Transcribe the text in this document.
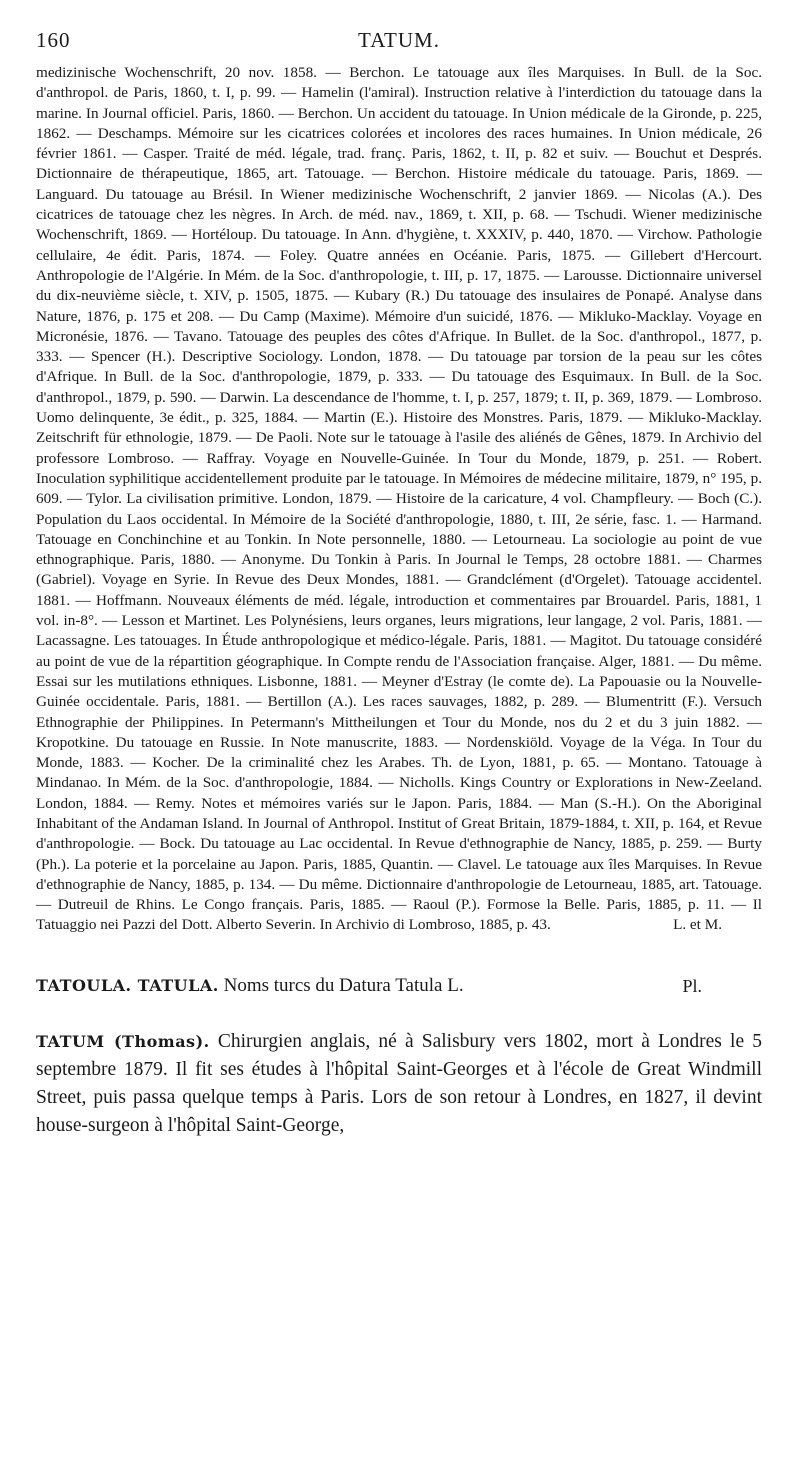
160	TATUM.

medizinische Wochenschrift, 20 nov. 1858. — Berchon. Le tatouage aux îles Marquises. In Bull. de la Soc. d'anthropol. de Paris, 1860, t. I, p. 99. — Hamelin (l'amiral). Instruction relative à l'interdiction du tatouage dans la marine. In Journal officiel. Paris, 1860. — Berchon. Un accident du tatouage. In Union médicale de la Gironde, p. 225, 1862. — Deschamps. Mémoire sur les cicatrices colorées et incolores des races humaines. In Union médicale, 26 février 1861. — Casper. Traité de méd. légale, trad. franç. Paris, 1862, t. II, p. 82 et suiv. — Bouchut et Després. Dictionnaire de thérapeutique, 1865, art. Tatouage. — Berchon. Histoire médicale du tatouage. Paris, 1869. — Languard. Du tatouage au Brésil. In Wiener medizinische Wochenschrift, 2 janvier 1869. — Nicolas (A.). Des cicatrices de tatouage chez les nègres. In Arch. de méd. nav., 1869, t. XII, p. 68. — Tschudi. Wiener medizinische Wochenschrift, 1869. — Hortéloup. Du tatouage. In Ann. d'hygiène, t. XXXIV, p. 440, 1870. — Virchow. Pathologie cellulaire, 4e édit. Paris, 1874. — Foley. Quatre années en Océanie. Paris, 1875. — Gillebert d'Hercourt. Anthropologie de l'Algérie. In Mém. de la Soc. d'anthropologie, t. III, p. 17, 1875. — Larousse. Dictionnaire universel du dix-neuvième siècle, t. XIV, p. 1505, 1875. — Kubary (R.) Du tatouage des insulaires de Ponapé. Analyse dans Nature, 1876, p. 175 et 208. — Du Camp (Maxime). Mémoire d'un suicidé, 1876. — Mikluko-Macklay. Voyage en Micronésie, 1876. — Tavano. Tatouage des peuples des côtes d'Afrique. In Bullet. de la Soc. d'anthropol., 1877, p. 333. — Spencer (H.). Descriptive Sociology. London, 1878. — Du tatouage par torsion de la peau sur les côtes d'Afrique. In Bull. de la Soc. d'anthropologie, 1879, p. 333. — Du tatouage des Esquimaux. In Bull. de la Soc. d'anthropol., 1879, p. 590. — Darwin. La descendance de l'homme, t. I, p. 257, 1879; t. II, p. 369, 1879. — Lombroso. Uomo delinquente, 3e édit., p. 325, 1884. — Martin (E.). Histoire des Monstres. Paris, 1879. — Mikluko-Macklay. Zeitschrift für ethnologie, 1879. — De Paoli. Note sur le tatouage à l'asile des aliénés de Gênes, 1879. In Archivio del professore Lombroso. — Raffray. Voyage en Nouvelle-Guinée. In Tour du Monde, 1879, p. 251. — Robert. Inoculation syphilitique accidentellement produite par le tatouage. In Mémoires de médecine militaire, 1879, n° 195, p. 609. — Tylor. La civilisation primitive. London, 1879. — Histoire de la caricature, 4 vol. Champfleury. — Boch (C.). Population du Laos occidental. In Mémoire de la Société d'anthropologie, 1880, t. III, 2e série, fasc. 1. — Harmand. Tatouage en Conchinchine et au Tonkin. In Note personnelle, 1880. — Letourneau. La sociologie au point de vue ethnographique. Paris, 1880. — Anonyme. Du Tonkin à Paris. In Journal le Temps, 28 octobre 1881. — Charmes (Gabriel). Voyage en Syrie. In Revue des Deux Mondes, 1881. — Grandclément (d'Orgelet). Tatouage accidentel. 1881. — Hoffmann. Nouveaux éléments de méd. légale, introduction et commentaires par Brouardel. Paris, 1881, 1 vol. in-8°. — Lesson et Martinet. Les Polynésiens, leurs organes, leurs migrations, leur langage, 2 vol. Paris, 1881. — Lacassagne. Les tatouages. In Étude anthropologique et médico-légale. Paris, 1881. — Magitot. Du tatouage considéré au point de vue de la répartition géographique. In Compte rendu de l'Association française. Alger, 1881. — Du même. Essai sur les mutilations ethniques. Lisbonne, 1881. — Meyner d'Estray (le comte de). La Papouasie ou la Nouvelle-Guinée occidentale. Paris, 1881. — Bertillon (A.). Les races sauvages, 1882, p. 289. — Blumentritt (F.). Versuch Ethnographie der Philippines. In Petermann's Mittheilungen et Tour du Monde, nos du 2 et du 3 juin 1882. — Kropotkine. Du tatouage en Russie. In Note manuscrite, 1883. — Nordenskiöld. Voyage de la Véga. In Tour du Monde, 1883. — Kocher. De la criminalité chez les Arabes. Th. de Lyon, 1881, p. 65. — Montano. Tatouage à Mindanao. In Mém. de la Soc. d'anthropologie, 1884. — Nicholls. Kings Country or Explorations in New-Zeeland. London, 1884. — Remy. Notes et mémoires variés sur le Japon. Paris, 1884. — Man (S.-H.). On the Aboriginal Inhabitant of the Andaman Island. In Journal of Anthropol. Institut of Great Britain, 1879-1884, t. XII, p. 164, et Revue d'anthropologie. — Bock. Du tatouage au Lac occidental. In Revue d'ethnographie de Nancy, 1885, p. 259. — Burty (Ph.). La poterie et la porcelaine au Japon. Paris, 1885, Quantin. — Clavel. Le tatouage aux îles Marquises. In Revue d'ethnographie de Nancy, 1885, p. 134. — Du même. Dictionnaire d'anthropologie de Letourneau, 1885, art. Tatouage. — Dutreuil de Rhins. Le Congo français. Paris, 1885. — Raoul (P.). Formose la Belle. Paris, 1885, p. 11. — Il Tatuaggio nei Pazzi del Dott. Alberto Severin. In Archivio di Lombroso, 1885, p. 43.	L. et M.

TATOULA. TATULA. Noms turcs du Datura Tatula L.	Pl.
TATUM (Thomas). Chirurgien anglais, né à Salisbury vers 1802, mort à Londres le 5 septembre 1879. Il fit ses études à l'hôpital Saint-Georges et à l'école de Great Windmill Street, puis passa quelque temps à Paris. Lors de son retour à Londres, en 1827, il devint house-surgeon à l'hôpital Saint-George,
